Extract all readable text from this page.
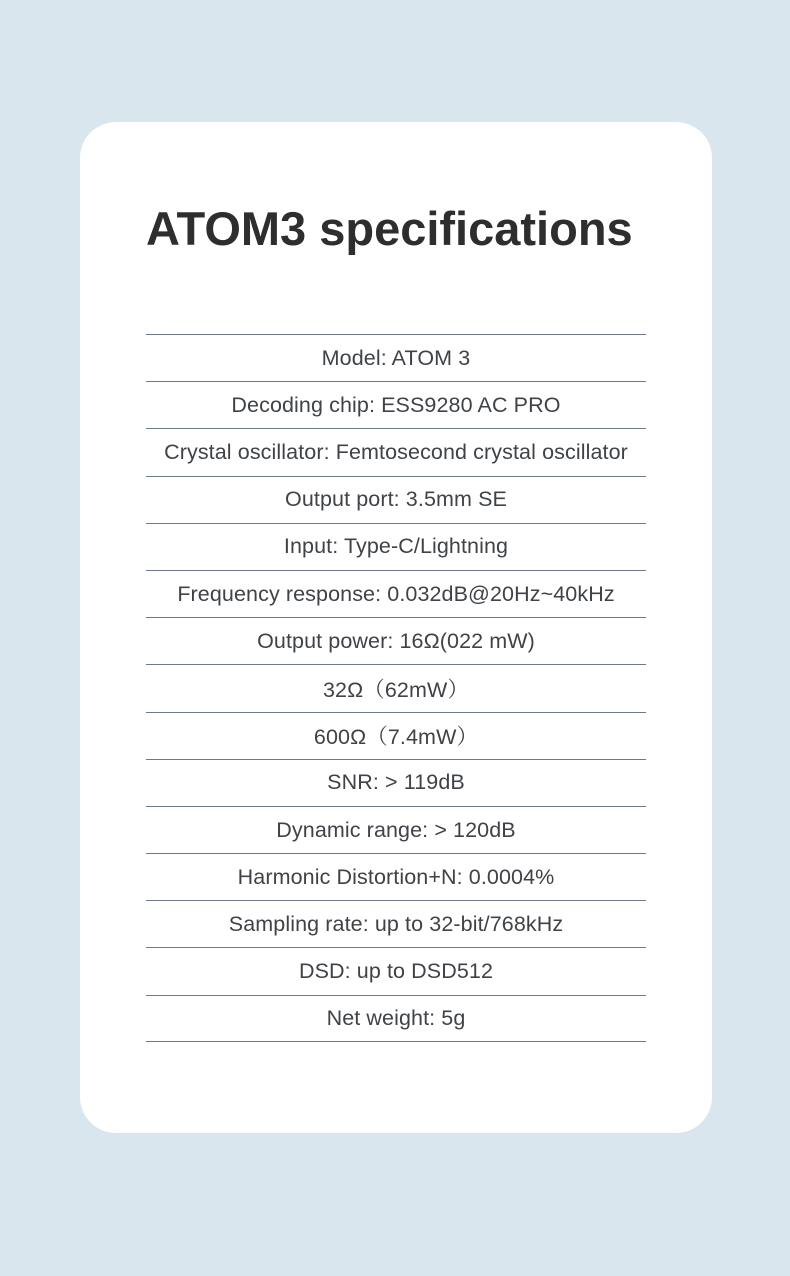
ATOM3 specifications
Model: ATOM 3
Decoding chip: ESS9280 AC PRO
Crystal oscillator: Femtosecond crystal oscillator
Output port: 3.5mm SE
Input: Type-C/Lightning
Frequency response: 0.032dB@20Hz~40kHz
Output power: 16Ω(022 mW)
32Ω（62mW）
600Ω（7.4mW）
SNR: > 119dB
Dynamic range: > 120dB
Harmonic Distortion+N: 0.0004%
Sampling rate: up to 32-bit/768kHz
DSD: up to DSD512
Net weight: 5g
